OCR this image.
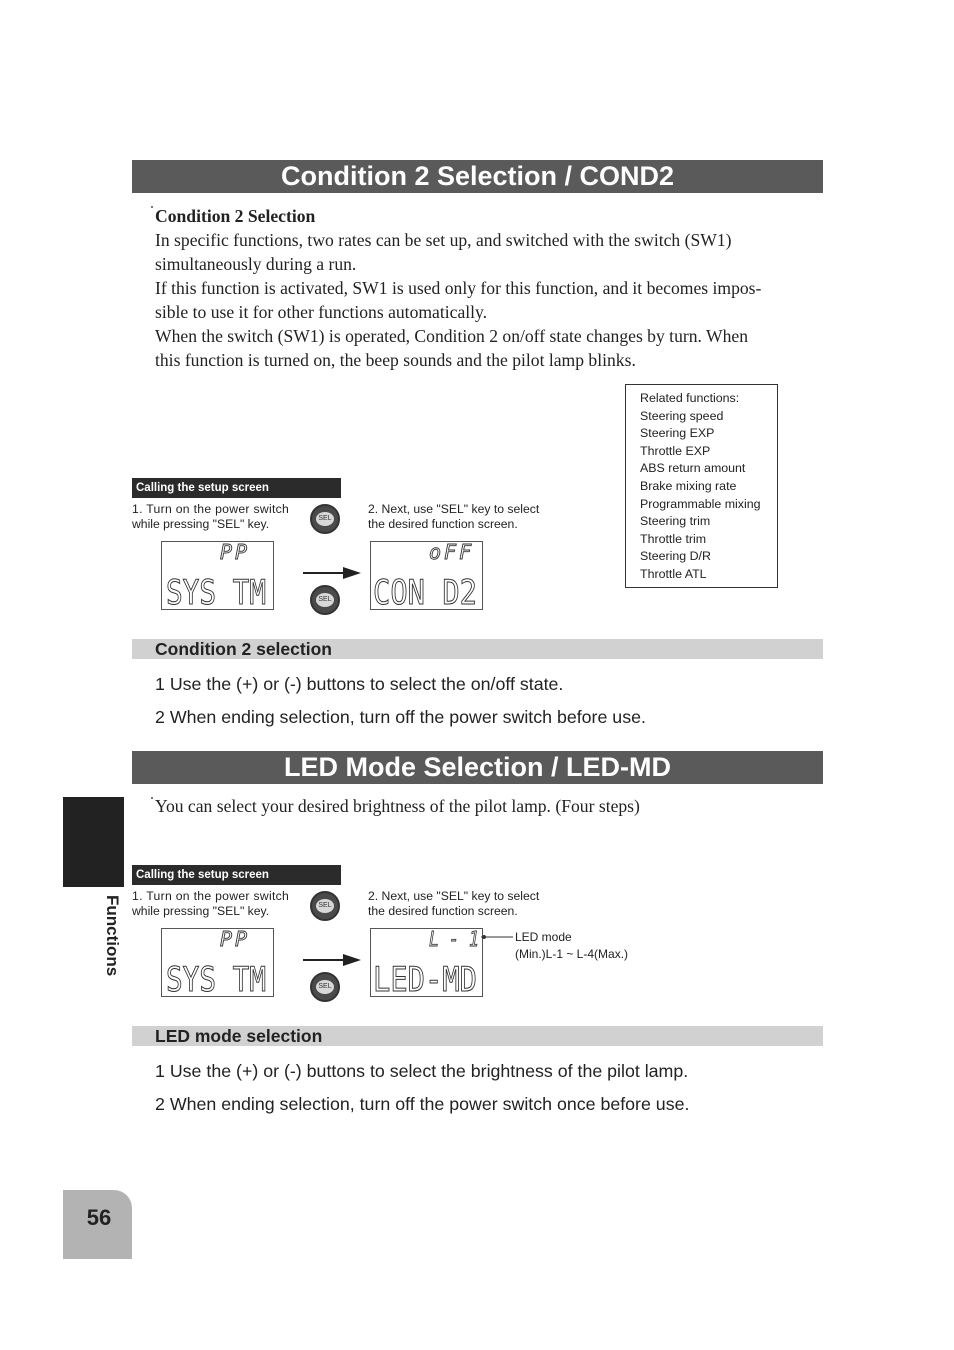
Condition 2 Selection / COND2
Condition 2 Selection
In specific functions, two rates can be set up, and switched with the switch (SW1)
simultaneously during a run.
If this function is activated, SW1 is used only for this function, and it becomes impos-
sible to use it for other functions automatically.
When the switch (SW1) is operated, Condition 2 on/off state changes by turn. When
this function is turned on, the beep sounds and the pilot lamp blinks.
Related functions:
Steering speed
Steering EXP
Throttle EXP
ABS return amount
Brake mixing rate
Programmable mixing
Steering trim
Throttle trim
Steering D/R
Throttle ATL
Calling the setup screen
1. Turn on the power switch
while pressing "SEL" key.	SEL
2. Next, use "SEL" key to select
the desired function screen.
PP
SYS TM	SEL
oFF
CON D2
Condition 2 selection
1 Use the (+) or (-) buttons to select the on/off state.
2 When ending selection, turn off the power switch before use.
LED Mode Selection / LED-MD
You can select your desired brightness of the pilot lamp. (Four steps)
Functions
Calling the setup screen
1. Turn on the power switch
while pressing "SEL" key.	SEL
2. Next, use "SEL" key to select
the desired function screen.
PP
SYS TM	SEL
L - 1
LED-MD
LED mode
(Min.)L-1 ~ L-4(Max.)
LED mode selection
1 Use the (+) or (-) buttons to select the brightness of the pilot lamp.
2 When ending selection, turn off the power switch once before use.
56
